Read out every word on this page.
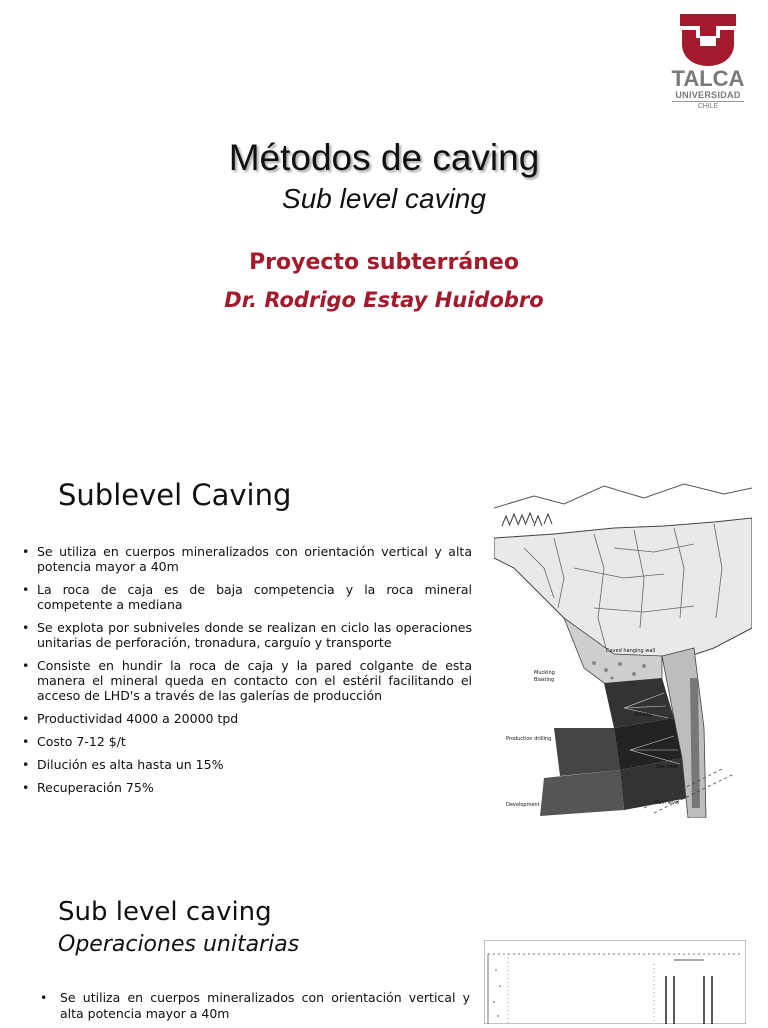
TALCA
UNIVERSIDAD
CHILE
Métodos de caving
Sub level caving
Proyecto subterráneo
Dr. Rodrigo Estay Huidobro
Sublevel Caving
• Se utiliza en cuerpos mineralizados con orientación vertical y alta potencia mayor a 40m
• La roca de caja es de baja competencia y la roca mineral competente a mediana
• Se explota por subniveles donde se realizan en ciclo las operaciones unitarias de perforación, tronadura, carguío y transporte
• Consiste en hundir la roca de caja y la pared colgante de esta manera el mineral queda en contacto con el estéril facilitando el acceso de LHD's a través de las galerías de producción
• Productividad 4000 a 20000 tpd
• Costo 7-12 $/t
• Dilución es alta hasta un 15%
• Recuperación 75%
Caved hanging wall
Mucking
Blasting
Drilling
Production drilling
Ore pass
Main level
Development
Sub level caving
Operaciones unitarias
• Se utiliza en cuerpos mineralizados con orientación vertical y alta potencia mayor a 40m
